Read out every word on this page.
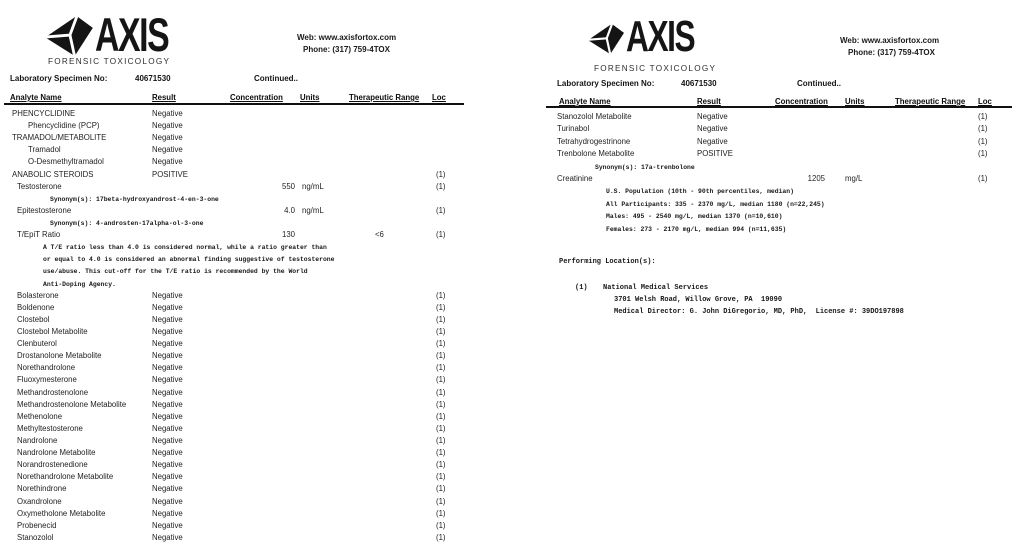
AXIS
FORENSIC TOXICOLOGY
Web: www.axisfortox.com
Phone: (317) 759-4TOX
Laboratory Specimen No:	40671530	Continued..
Analyte Name	Result	Concentration Units	Therapeutic Range Loc
PHENCYCLIDINE	Negative
Phencyclidine (PCP)	Negative
TRAMADOL/METABOLITE	Negative
Tramadol	Negative
O-Desmethyltramadol	Negative
ANABOLIC STEROIDS	POSITIVE	(1)
Testosterone	550 ng/mL	(1)
Synonym(s): 17beta-hydroxyandrost-4-en-3-one
Epitestosterone	4.0 ng/mL	(1)
Synonym(s): 4-androsten-17alpha-ol-3-one
T/EpiT Ratio	130	<6	(1)
A T/E ratio less than 4.0 is considered normal, while a ratio greater than
or equal to 4.0 is considered an abnormal finding suggestive of testosterone
use/abuse. This cut-off for the T/E ratio is recommended by the World
Anti-Doping Agency.
Bolasterone	Negative	(1)
Boldenone	Negative	(1)
Clostebol	Negative	(1)
Clostebol Metabolite	Negative	(1)
Clenbuterol	Negative	(1)
Drostanolone Metabolite	Negative	(1)
Norethandrolone	Negative	(1)
Fluoxymesterone	Negative	(1)
Methandrostenolone	Negative	(1)
Methandrostenolone Metabolite	Negative	(1)
Methenolone	Negative	(1)
Methyltestosterone	Negative	(1)
Nandrolone	Negative	(1)
Nandrolone Metabolite	Negative	(1)
Norandrostenedione	Negative	(1)
Norethandrolone Metabolite	Negative	(1)
Norethindrone	Negative	(1)
Oxandrolone	Negative	(1)
Oxymetholone Metabolite	Negative	(1)
Probenecid	Negative	(1)
Stanozolol	Negative	(1)
AXIS
FORENSIC TOXICOLOGY
Web: www.axisfortox.com
Phone: (317) 759-4TOX
Laboratory Specimen No:	40671530	Continued..
Analyte Name	Result	Concentration Units	Therapeutic Range Loc
Stanozolol Metabolite	Negative	(1)
Turinabol	Negative	(1)
Tetrahydrogestrinone	Negative	(1)
Trenbolone Metabolite	POSITIVE	(1)
Synonym(s): 17a-trenbolone
Creatinine	1205	mg/L	(1)
U.S. Population (10th - 90th percentiles, median)
All Participants: 335 - 2370 mg/L, median 1180 (n=22,245)
Males: 495 - 2540 mg/L, median 1370 (n=10,610)
Females: 273 - 2170 mg/L, median 994 (n=11,635)
Performing Location(s):
(1) National Medical Services
3701 Welsh Road, Willow Grove, PA  19090
Medical Director: G. John DiGregorio, MD, PhD,  License #: 39DO197898
